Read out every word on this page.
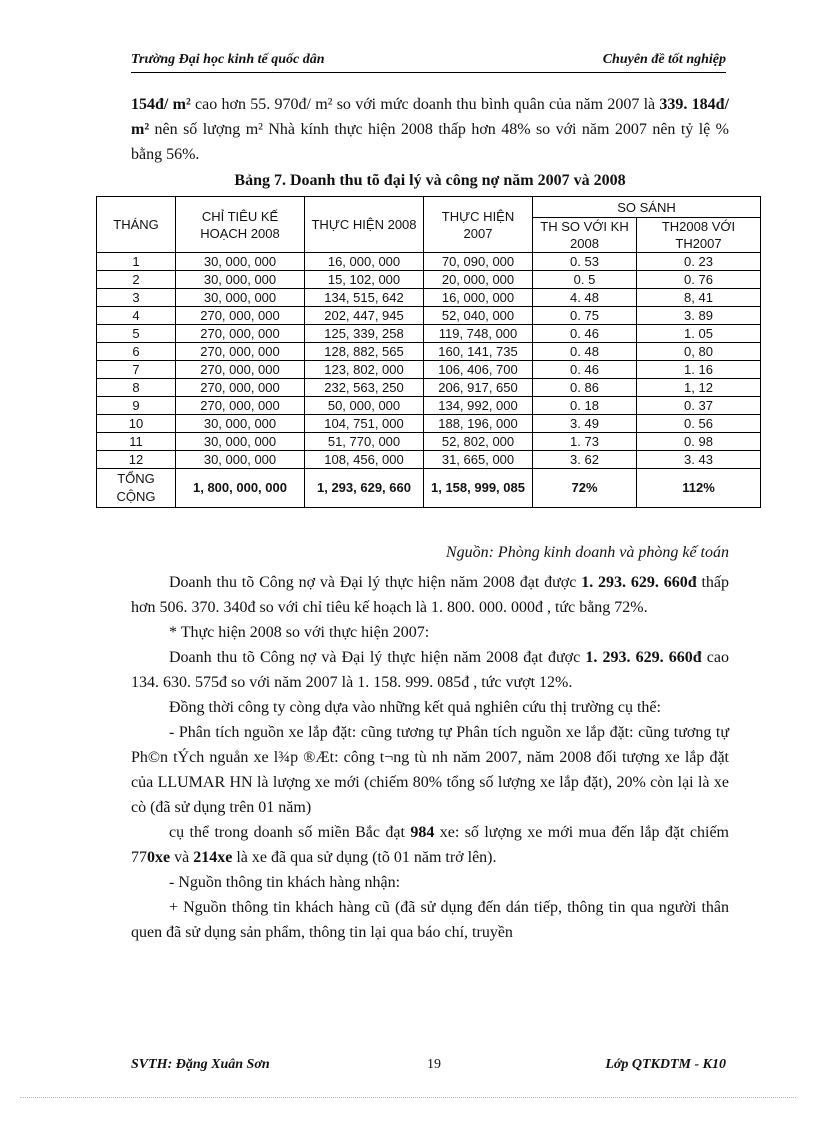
Trường Đại học kinh tế quốc dân	Chuyên đề tốt nghiệp

154đ/ m² cao hơn 55. 970đ/ m² so với mức doanh thu bình quân của năm 2007 là 339. 184đ/ m² nên số lượng m² Nhà kính thực hiện 2008 thấp hơn 48% so với năm 2007 nên tỷ lệ % bằng 56%.

Bảng 7. Doanh thu tõ đại lý và công nợ năm 2007 và 2008
THÁNG	CHỈ TIÊU KẾ HOẠCH 2008	THỰC HIỆN 2008	THỰC HIỆN 2007	SO SÁNH	
				TH SO VỚI KH 2008	TH2008 VỚI TH2007
1	30, 000, 000	16, 000, 000	70, 090, 000	0. 53	0. 23
2	30, 000, 000	15, 102, 000	20, 000, 000	0. 5	0. 76
3	30, 000, 000	134, 515, 642	16, 000, 000	4. 48	8, 41
4	270, 000, 000	202, 447, 945	52, 040, 000	0. 75	3. 89
5	270, 000, 000	125, 339, 258	119, 748, 000	0. 46	1. 05
6	270, 000, 000	128, 882, 565	160, 141, 735	0. 48	0, 80
7	270, 000, 000	123, 802, 000	106, 406, 700	0. 46	1. 16
8	270, 000, 000	232, 563, 250	206, 917, 650	0. 86	1, 12
9	270, 000, 000	50, 000, 000	134, 992, 000	0. 18	0. 37
10	30, 000, 000	104, 751, 000	188, 196, 000	3. 49	0. 56
11	30, 000, 000	51, 770, 000	52, 802, 000	1. 73	0. 98
12	30, 000, 000	108, 456, 000	31, 665, 000	3. 62	3. 43
TỔNG CỘNG	1, 800, 000, 000	1, 293, 629, 660	1, 158, 999, 085	72%	112%
Nguồn: Phòng kinh doanh và phòng kế toán

Doanh thu tõ Công nợ và Đại lý thực hiện năm 2008 đạt được 1. 293. 629. 660đ thấp hơn 506. 370. 340đ so với chỉ tiêu kế hoạch là 1. 800. 000. 000đ , tức bằng 72%.

* Thực hiện 2008 so với thực hiện 2007:

Doanh thu tõ Công nợ và Đại lý thực hiện năm 2008 đạt được 1. 293. 629. 660đ cao 134. 630. 575đ so với năm 2007 là 1. 158. 999. 085đ , tức vượt 12%.

Đồng thời công ty còng dựa vào những kết quả nghiên cứu thị trường cụ thể:

- Phân tích nguồn xe lắp đặt: cũng tương tự Phân tích nguồn xe lắp đặt: cũng tương tự Ph©n tÝch nguån xe l¾p ®Æt: công t¬ng tù nh năm 2007, năm 2008 đối tượng xe lắp đặt của LLUMAR HN là lượng xe mới (chiếm 80% tổng số lượng xe lắp đặt), 20% còn lại là xe cò (đã sử dụng trên 01 năm)

cụ thể trong doanh số miền Bắc đạt 984 xe: số lượng xe mới mua đến lắp đặt chiếm 770xe và 214xe là xe đã qua sử dụng (tõ 01 năm trở lên).

- Nguồn thông tin khách hàng nhận:

+ Nguồn thông tin khách hàng cũ (đã sử dụng đến dán tiếp, thông tin qua người thân quen đã sử dụng sản phẩm, thông tin lại qua báo chí, truyền

SVTH: Đặng Xuân Sơn	19	Lớp QTKDTM - K10
